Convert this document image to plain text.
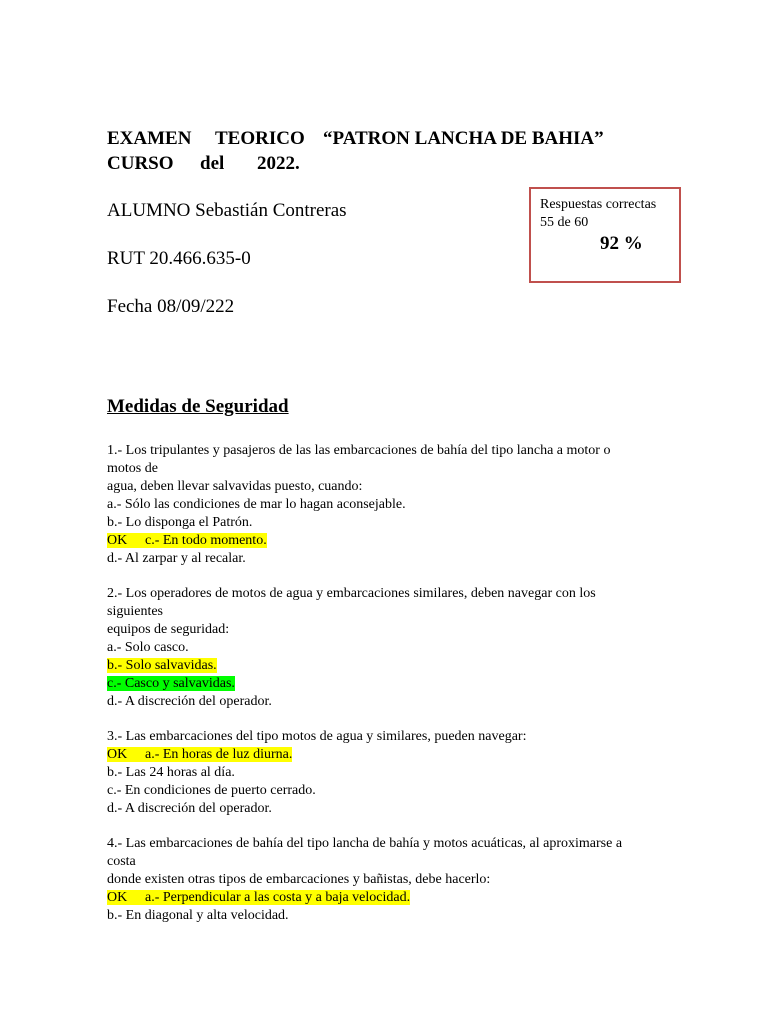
EXAMEN TEORICO “PATRON LANCHA DE BAHIA”
CURSO del 2022.
ALUMNO Sebastián Contreras
RUT 20.466.635-0
Fecha 08/09/222
Respuestas correctas
55 de 60
92 %
Medidas de Seguridad
1.- Los tripulantes y pasajeros de las las embarcaciones de bahía del tipo lancha a motor o
motos de
agua, deben llevar salvavidas puesto, cuando:
a.- Sólo las condiciones de mar lo hagan aconsejable.
b.- Lo disponga el Patrón.
OK c.- En todo momento.
d.- Al zarpar y al recalar.
2.- Los operadores de motos de agua y embarcaciones similares, deben navegar con los
siguientes
equipos de seguridad:
a.- Solo casco.
b.- Solo salvavidas.
c.- Casco y salvavidas.
d.- A discreción del operador.
3.- Las embarcaciones del tipo motos de agua y similares, pueden navegar:
OK a.- En horas de luz diurna.
b.- Las 24 horas al día.
c.- En condiciones de puerto cerrado.
d.- A discreción del operador.
4.- Las embarcaciones de bahía del tipo lancha de bahía y motos acuáticas, al aproximarse a
costa
donde existen otras tipos de embarcaciones y bañistas, debe hacerlo:
OK a.- Perpendicular a las costa y a baja velocidad.
b.- En diagonal y alta velocidad.
